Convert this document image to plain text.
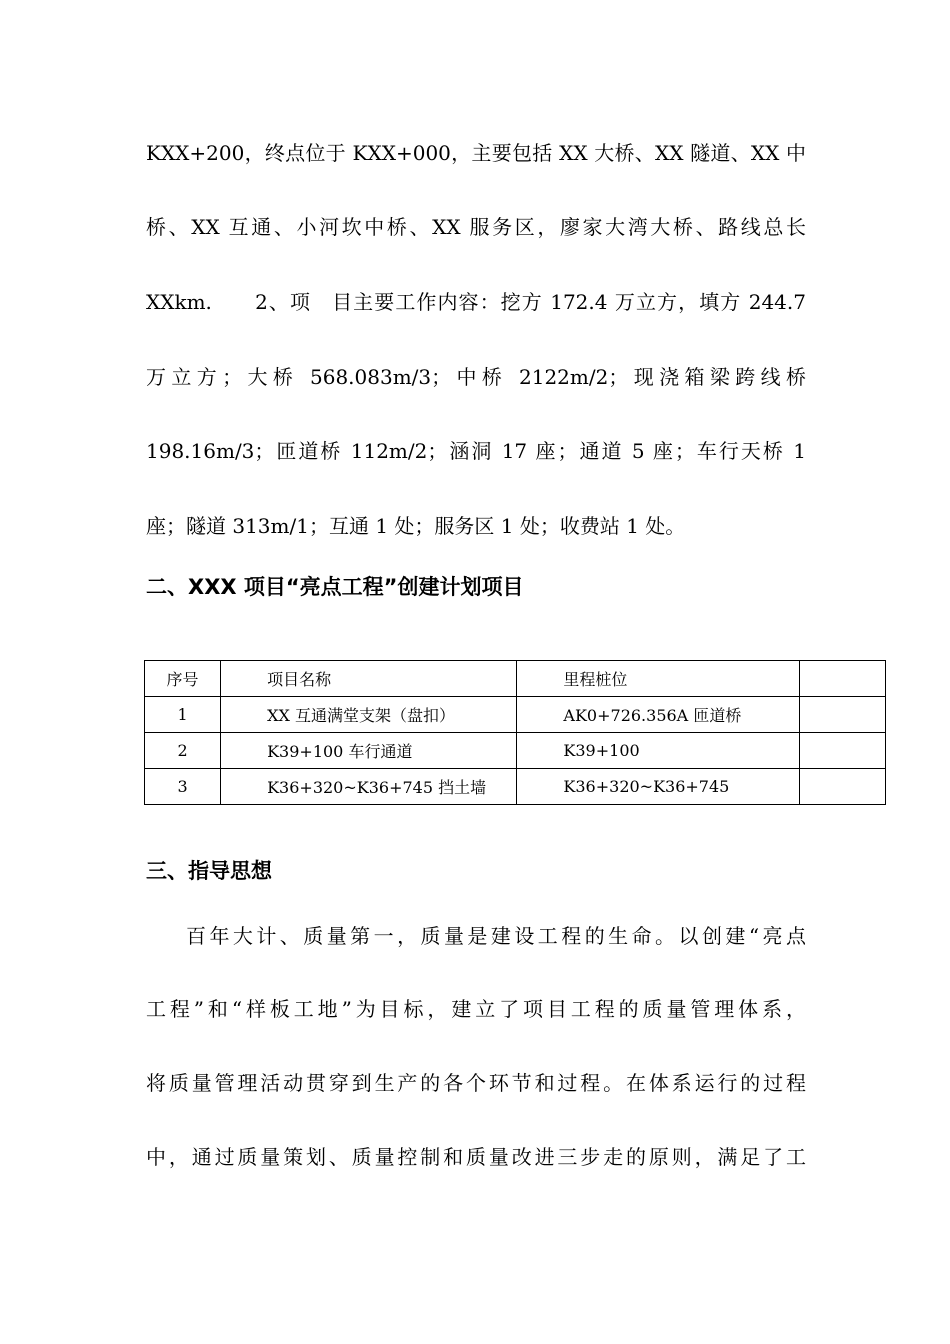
KXX+200，终点位于 KXX+000，主要包括 XX 大桥、XX 隧道、XX 中
桥、XX 互通、小河坎中桥、XX 服务区，廖家大湾大桥、路线总长
XXkm.　　2、项　目主要工作内容：挖方 172.4 万立方，填方 244.7
万立方；大桥 568.083m/3；中桥 2122m/2；现浇箱梁跨线桥
198.16m/3；匝道桥 112m/2；涵洞 17 座；通道 5 座；车行天桥 1
座；隧道 313m/1；互通 1 处；服务区 1 处；收费站 1 处。
二、XXX 项目“亮点工程”创建计划项目
序号	项目名称	里程桩位	
1	XX 互通满堂支架（盘扣）	AK0+726.356A 匝道桥	
2	K39+100 车行通道	K39+100	
3	K36+320~K36+745 挡土墙	K36+320~K36+745	
三、指导思想
百年大计、质量第一，质量是建设工程的生命。以创建“亮点
工程”和“样板工地”为目标，建立了项目工程的质量管理体系，
将质量管理活动贯穿到生产的各个环节和过程。在体系运行的过程
中，通过质量策划、质量控制和质量改进三步走的原则，满足了工
